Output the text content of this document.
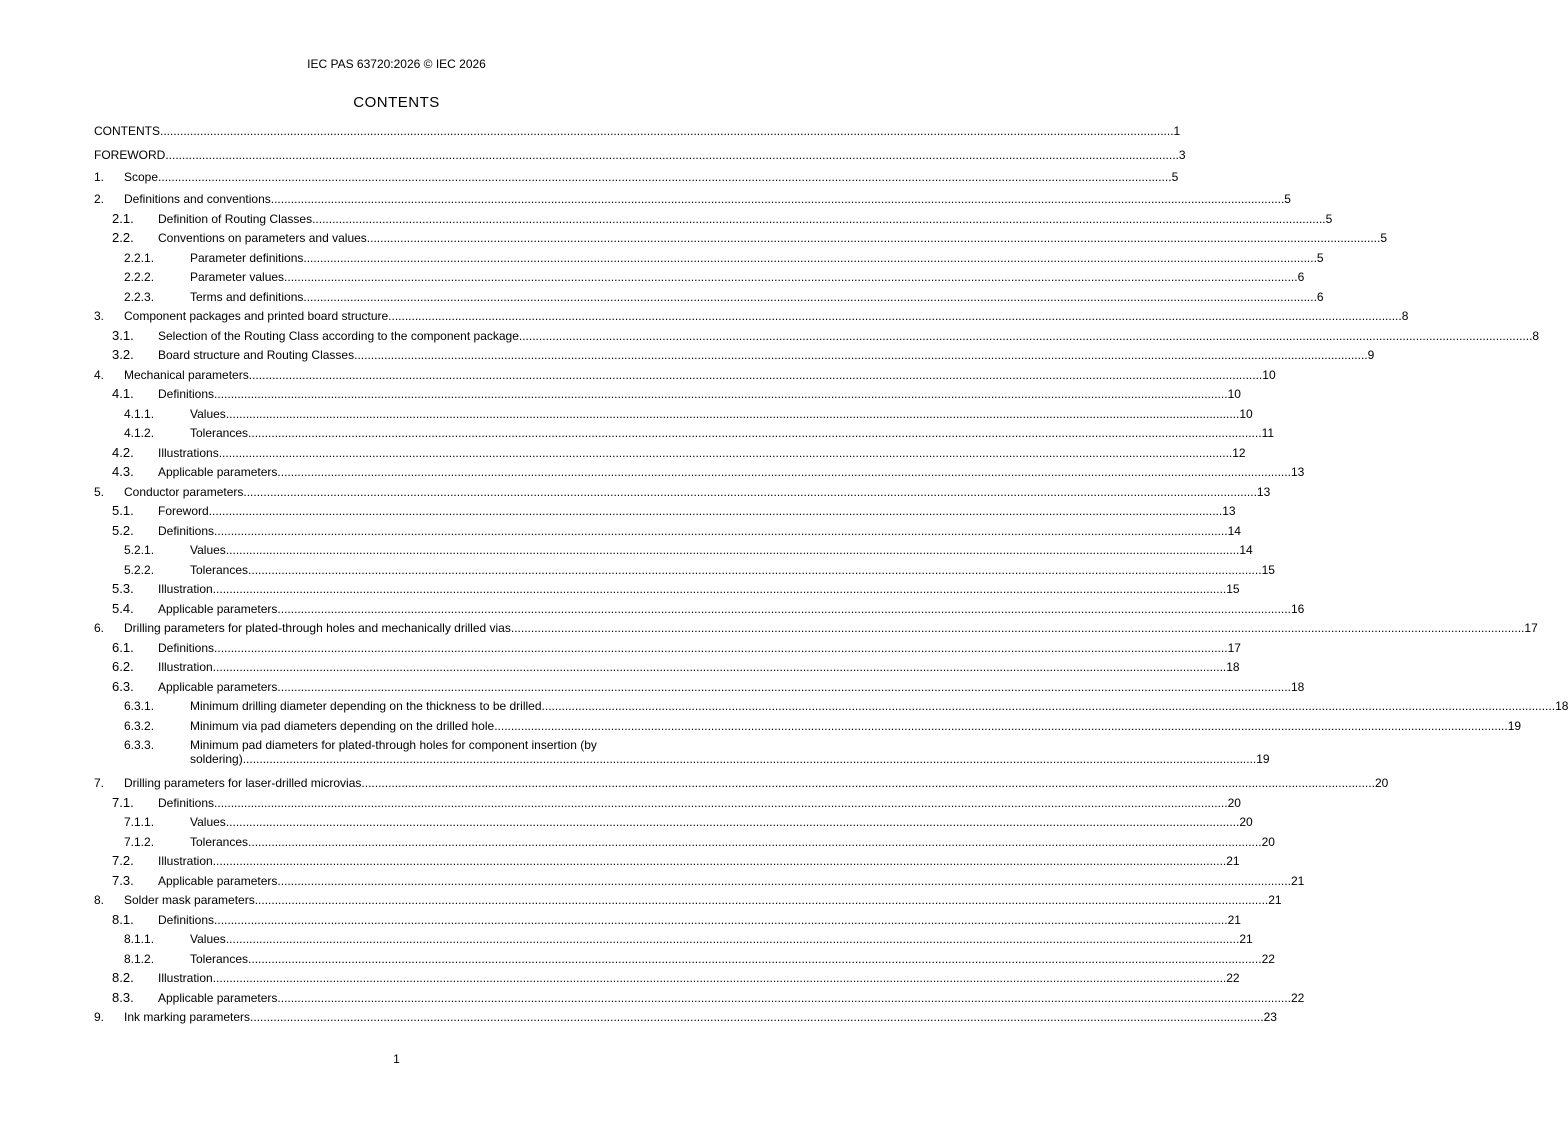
IEC PAS 63720:2026 © IEC 2026
CONTENTS
CONTENTS .....	1
FOREWORD .....	3
1.	Scope .....	5
2.	Definitions and conventions .....	5
2.1.	Definition of Routing Classes .....	5
2.2.	Conventions on parameters and values .....	5
2.2.1.	Parameter definitions .....	5
2.2.2.	Parameter values .....	6
2.2.3.	Terms and definitions .....	6
3.	Component packages and printed board structure .....	8
3.1.	Selection of the Routing Class according to the component package .....	8
3.2.	Board structure and Routing Classes .....	9
4.	Mechanical parameters .....	10
4.1.	Definitions .....	10
4.1.1.	Values .....	10
4.1.2.	Tolerances .....	11
4.2.	Illustrations .....	12
4.3.	Applicable parameters .....	13
5.	Conductor parameters .....	13
5.1.	Foreword .....	13
5.2.	Definitions .....	14
5.2.1.	Values .....	14
5.2.2.	Tolerances .....	15
5.3.	Illustration .....	15
5.4.	Applicable parameters .....	16
6.	Drilling parameters for plated-through holes and mechanically drilled vias .....	17
6.1.	Definitions .....	17
6.2.	Illustration .....	18
6.3.	Applicable parameters .....	18
6.3.1.	Minimum drilling diameter depending on the thickness to be drilled .....	18
6.3.2.	Minimum via pad diameters depending on the drilled hole .....	19
6.3.3.	Minimum pad diameters for plated-through holes for component insertion (by
soldering) .....	19
7.	Drilling parameters for laser-drilled microvias .....	20
7.1.	Definitions .....	20
7.1.1.	Values .....	20
7.1.2.	Tolerances .....	20
7.2.	Illustration .....	21
7.3.	Applicable parameters .....	21
8.	Solder mask parameters .....	21
8.1.	Definitions .....	21
8.1.1.	Values .....	21
8.1.2.	Tolerances .....	22
8.2.	Illustration .....	22
8.3.	Applicable parameters .....	22
9.	Ink marking parameters .....	23
1
